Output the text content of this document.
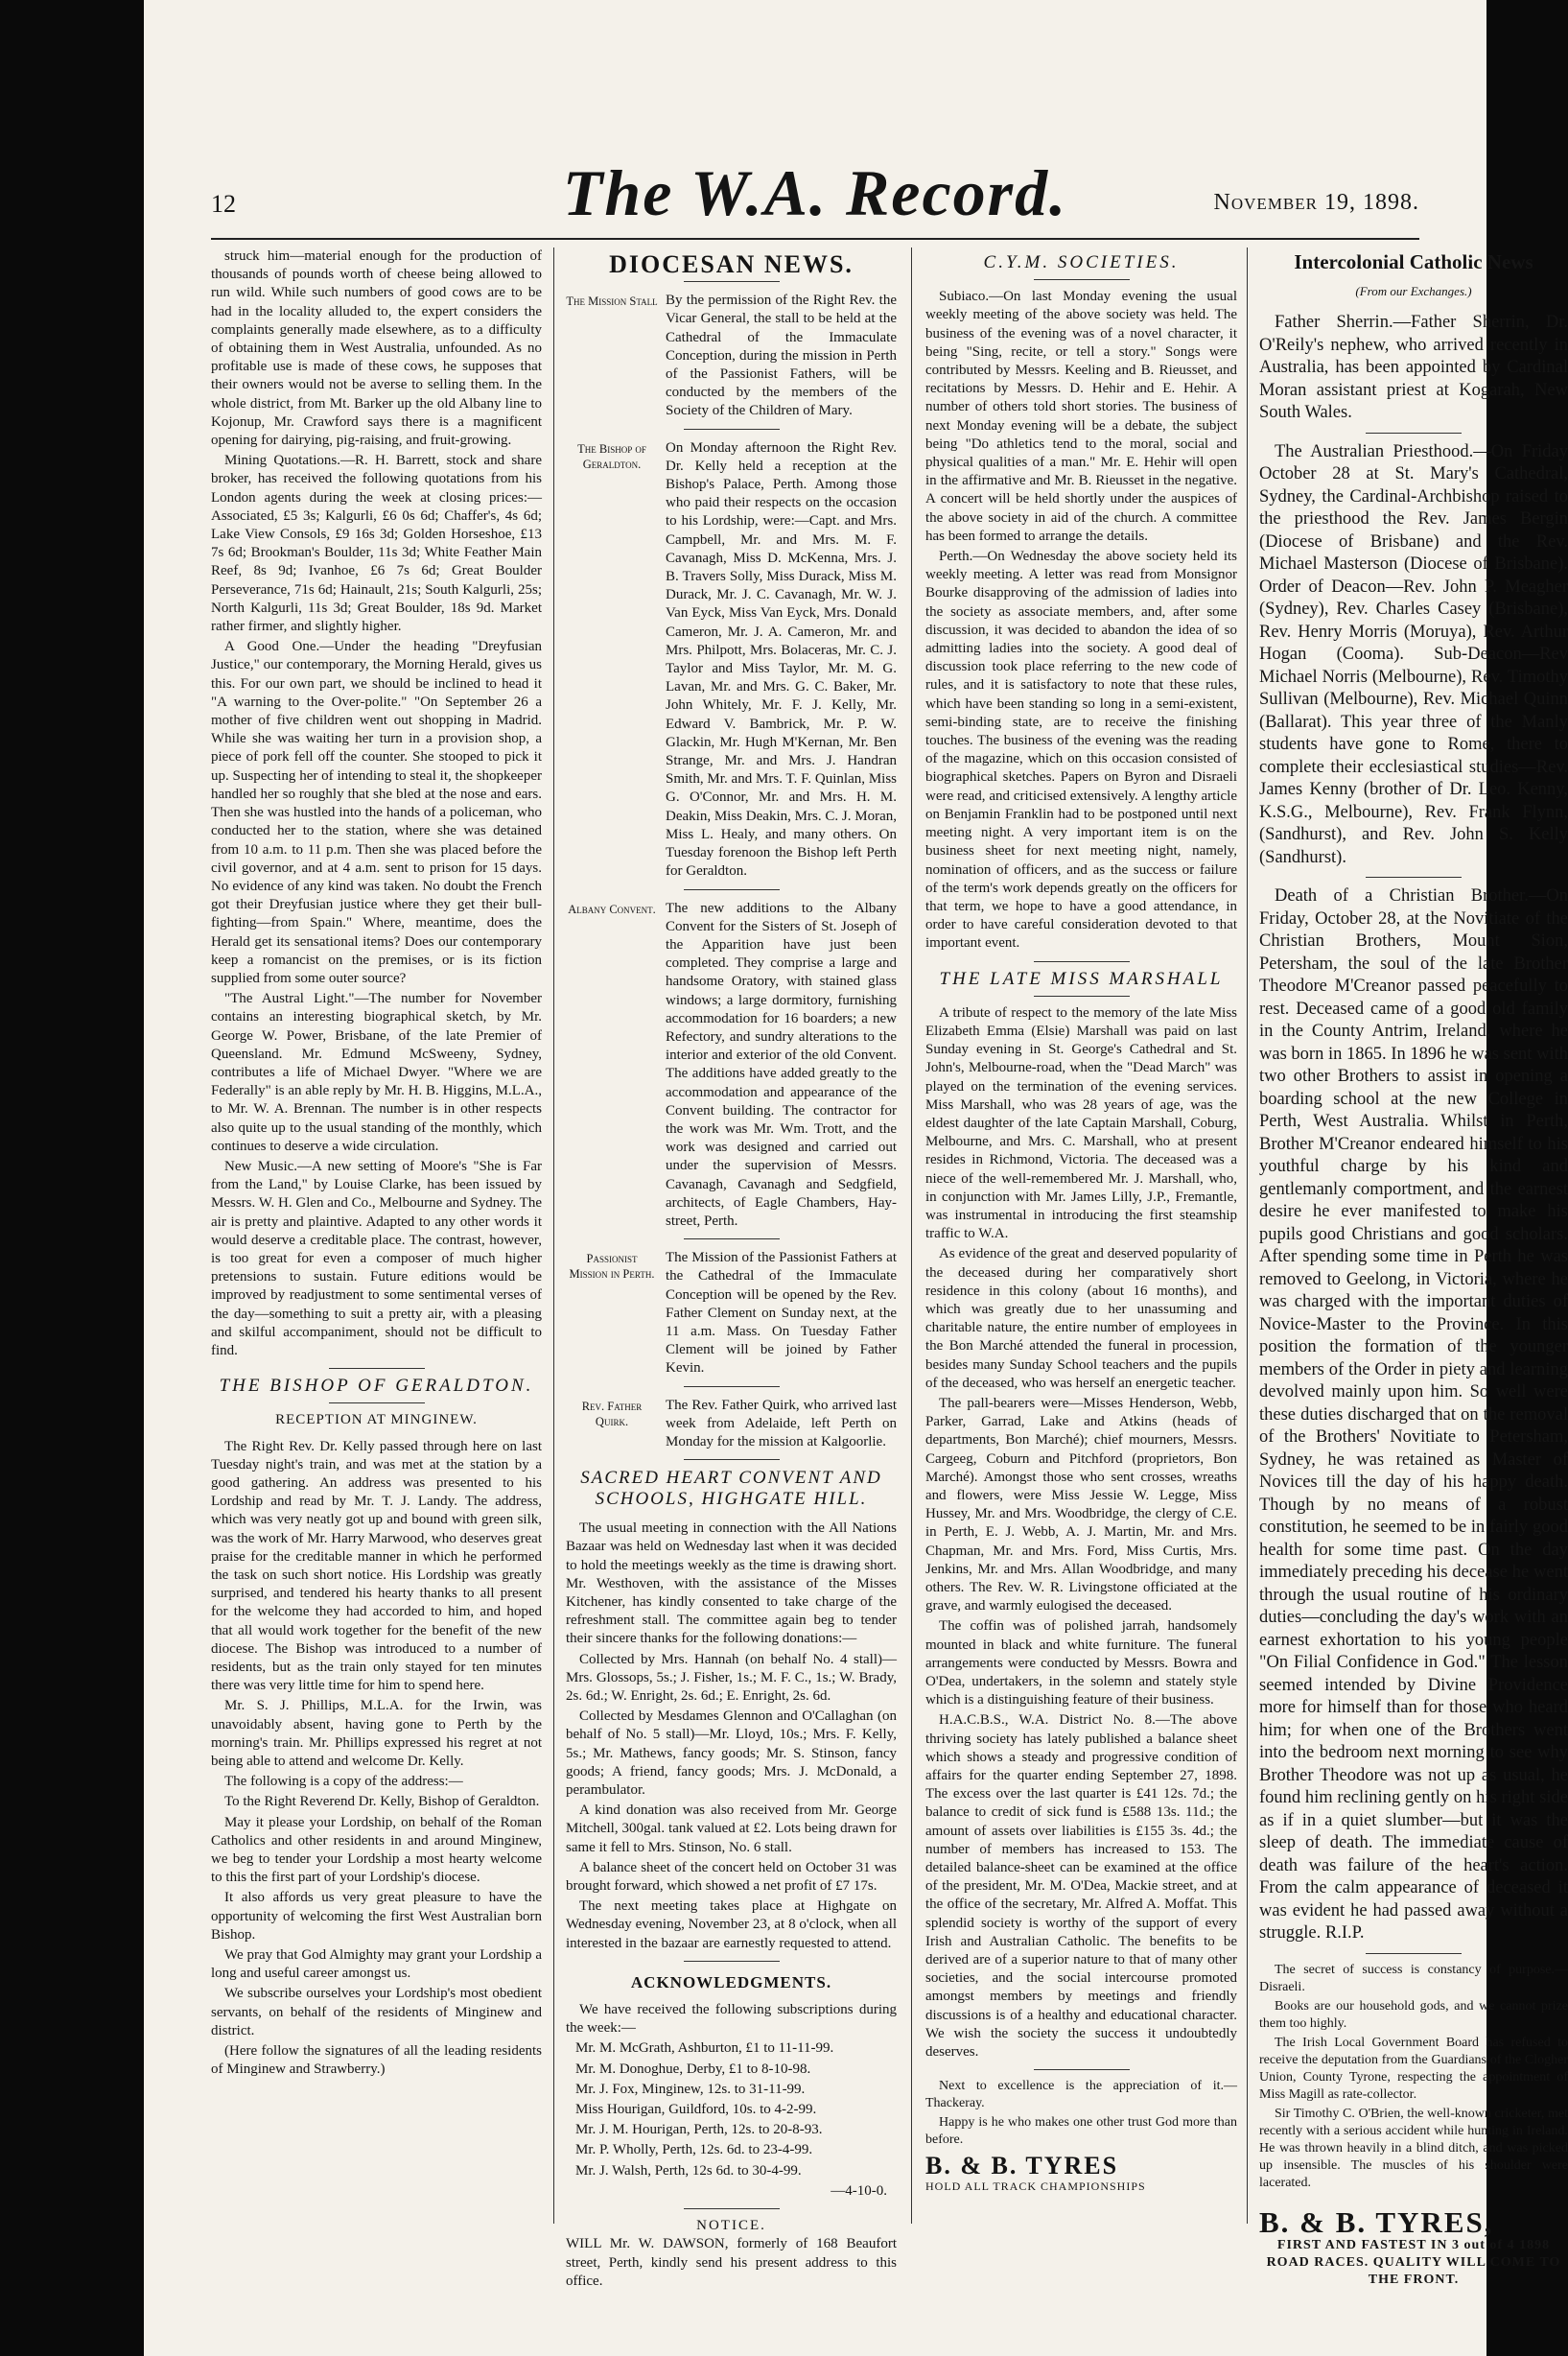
12	The W.A. Record.	November 19, 1898.

struck him—material enough for the production of thousands of pounds worth of cheese being allowed to run wild. While such numbers of good cows are to be had in the locality alluded to, the expert considers the complaints generally made elsewhere, as to a difficulty of obtaining them in West Australia, unfounded. As no profitable use is made of these cows, he supposes that their owners would not be averse to selling them. In the whole district, from Mt. Barker up the old Albany line to Kojonup, Mr. Crawford says there is a magnificent opening for dairying, pig-raising, and fruit-growing.

Mining Quotations.—R. H. Barrett, stock and share broker, has received the following quotations from his London agents during the week at closing prices:—Associated, £5 3s; Kalgurli, £6 0s 6d; Chaffer's, 4s 6d; Lake View Consols, £9 16s 3d; Golden Horseshoe, £13 7s 6d; Brookman's Boulder, 11s 3d; White Feather Main Reef, 8s 9d; Ivanhoe, £6 7s 6d; Great Boulder Perseverance, 71s 6d; Hainault, 21s; South Kalgurli, 25s; North Kalgurli, 11s 3d; Great Boulder, 18s 9d. Market rather firmer, and slightly higher.

A Good One.—Under the heading "Dreyfusian Justice," our contemporary, the Morning Herald, gives us this. For our own part, we should be inclined to head it "A warning to the Over-polite." "On September 26 a mother of five children went out shopping in Madrid. While she was waiting her turn in a provision shop, a piece of pork fell off the counter. She stooped to pick it up. Suspecting her of intending to steal it, the shopkeeper handled her so roughly that she bled at the nose and ears. Then she was hustled into the hands of a policeman, who conducted her to the station, where she was detained from 10 a.m. to 11 p.m. Then she was placed before the civil governor, and at 4 a.m. sent to prison for 15 days. No evidence of any kind was taken. No doubt the French got their Dreyfusian justice where they get their bull-fighting—from Spain." Where, meantime, does the Herald get its sensational items? Does our contemporary keep a romancist on the premises, or is its fiction supplied from some outer source?

"The Austral Light."—The number for November contains an interesting biographical sketch, by Mr. George W. Power, Brisbane, of the late Premier of Queensland. Mr. Edmund McSweeny, Sydney, contributes a life of Michael Dwyer. "Where we are Federally" is an able reply by Mr. H. B. Higgins, M.L.A., to Mr. W. A. Brennan. The number is in other respects also quite up to the usual standing of the monthly, which continues to deserve a wide circulation.

New Music.—A new setting of Moore's "She is Far from the Land," by Louise Clarke, has been issued by Messrs. W. H. Glen and Co., Melbourne and Sydney. The air is pretty and plaintive. Adapted to any other words it would deserve a creditable place. The contrast, however, is too great for even a composer of much higher pretensions to sustain. Future editions would be improved by readjustment to some sentimental verses of the day—something to suit a pretty air, with a pleasing and skilful accompaniment, should not be difficult to find.

THE BISHOP OF GERALDTON.
RECEPTION AT MINGINEW.

The Right Rev. Dr. Kelly passed through here on last Tuesday night's train, and was met at the station by a good gathering. An address was presented to his Lordship and read by Mr. T. J. Landy. The address, which was very neatly got up and bound with green silk, was the work of Mr. Harry Marwood, who deserves great praise for the creditable manner in which he performed the task on such short notice. His Lordship was greatly surprised, and tendered his hearty thanks to all present for the welcome they had accorded to him, and hoped that all would work together for the benefit of the new diocese. The Bishop was introduced to a number of residents, but as the train only stayed for ten minutes there was very little time for him to spend here.

Mr. S. J. Phillips, M.L.A. for the Irwin, was unavoidably absent, having gone to Perth by the morning's train. Mr. Phillips expressed his regret at not being able to attend and welcome Dr. Kelly.

The following is a copy of the address:—

To the Right Reverend Dr. Kelly, Bishop of Geraldton.

May it please your Lordship, on behalf of the Roman Catholics and other residents in and around Minginew, we beg to tender your Lordship a most hearty welcome to this the first part of your Lordship's diocese.

It also affords us very great pleasure to have the opportunity of welcoming the first West Australian born Bishop.

We pray that God Almighty may grant your Lordship a long and useful career amongst us.

We subscribe ourselves your Lordship's most obedient servants, on behalf of the residents of Minginew and district.

(Here follow the signatures of all the leading residents of Minginew and Strawberry.)

DIOCESAN NEWS.
The Mission Stall By the permission of the Right Rev. the Vicar General, the stall to be held at the Cathedral of the Immaculate Conception, during the mission in Perth of the Passionist Fathers, will be conducted by the members of the Society of the Children of Mary.
The Bishop of Geraldton.
On Monday afternoon the Right Rev. Dr. Kelly held a reception at the Bishop's Palace, Perth. Among those who paid their respects on the occasion to his Lordship, were:—Capt. and Mrs. Campbell, Mr. and Mrs. M. F. Cavanagh, Miss D. McKenna, Mrs. J. B. Travers Solly, Miss Durack, Miss M. Durack, Mr. J. C. Cavanagh, Mr. W. J. Van Eyck, Miss Van Eyck, Mrs. Donald Cameron, Mr. J. A. Cameron, Mr. and Mrs. Philpott, Mrs. Bolaceras, Mr. C. J. Taylor and Miss Taylor, Mr. M. G. Lavan, Mr. and Mrs. G. C. Baker, Mr. John Whitely, Mr. F. J. Kelly, Mr. Edward V. Bambrick, Mr. P. W. Glackin, Mr. Hugh M'Kernan, Mr. Ben Strange, Mr. and Mrs. J. Handran Smith, Mr. and Mrs. T. F. Quinlan, Miss G. O'Connor, Mr. and Mrs. H. M. Deakin, Miss Deakin, Mrs. C. J. Moran, Miss L. Healy, and many others. On Tuesday forenoon the Bishop left Perth for Geraldton.
Albany Convent. The new additions to the Albany Convent for the Sisters of St. Joseph of the Apparition have just been completed. They comprise a large and handsome Oratory, with stained glass windows; a large dormitory, furnishing accommodation for 16 boarders; a new Refectory, and sundry alterations to the interior and exterior of the old Convent. The additions have added greatly to the accommodation and appearance of the Convent building. The contractor for the work was Mr. Wm. Trott, and the work was designed and carried out under the supervision of Messrs. Cavanagh, Cavanagh and Sedgfield, architects, of Eagle Chambers, Hay-street, Perth.
Passionist Mission in Perth.
The Mission of the Passionist Fathers at the Cathedral of the Immaculate Conception will be opened by the Rev. Father Clement on Sunday next, at the 11 a.m. Mass. On Tuesday Father Clement will be joined by Father Kevin.
Rev. Father Quirk.
The Rev. Father Quirk, who arrived last week from Adelaide, left Perth on Monday for the mission at Kalgoorlie.
SACRED HEART CONVENT AND SCHOOLS, HIGHGATE HILL.

The usual meeting in connection with the All Nations Bazaar was held on Wednesday last when it was decided to hold the meetings weekly as the time is drawing short. Mr. Westhoven, with the assistance of the Misses Kitchener, has kindly consented to take charge of the refreshment stall. The committee again beg to tender their sincere thanks for the following donations:—

Collected by Mrs. Hannah (on behalf No. 4 stall)—Mrs. Glossops, 5s.; J. Fisher, 1s.; M. F. C., 1s.; W. Brady, 2s. 6d.; W. Enright, 2s. 6d.; E. Enright, 2s. 6d.

Collected by Mesdames Glennon and O'Callaghan (on behalf of No. 5 stall)—Mr. Lloyd, 10s.; Mrs. F. Kelly, 5s.; Mr. Mathews, fancy goods; Mr. S. Stinson, fancy goods; A friend, fancy goods; Mrs. J. McDonald, a perambulator.

A kind donation was also received from Mr. George Mitchell, 300gal. tank valued at £2. Lots being drawn for same it fell to Mrs. Stinson, No. 6 stall.

A balance sheet of the concert held on October 31 was brought forward, which showed a net profit of £7 17s.

The next meeting takes place at Highgate on Wednesday evening, November 23, at 8 o'clock, when all interested in the bazaar are earnestly requested to attend.

ACKNOWLEDGMENTS.

We have received the following subscriptions during the week:—

Mr. M. McGrath, Ashburton, £1 to 11-11-99.

Mr. M. Donoghue, Derby, £1 to 8-10-98.

Mr. J. Fox, Minginew, 12s. to 31-11-99.

Miss Hourigan, Guildford, 10s. to 4-2-99.

Mr. J. M. Hourigan, Perth, 12s. to 20-8-93.

Mr. P. Wholly, Perth, 12s. 6d. to 23-4-99.

Mr. J. Walsh, Perth, 12s 6d. to 30-4-99.

—4-10-0.
NOTICE.

WILL Mr. W. DAWSON, formerly of 168 Beaufort street, Perth, kindly send his present address to this office.

C.Y.M. SOCIETIES.

Subiaco.—On last Monday evening the usual weekly meeting of the above society was held. The business of the evening was of a novel character, it being "Sing, recite, or tell a story." Songs were contributed by Messrs. Keeling and B. Rieusset, and recitations by Messrs. D. Hehir and E. Hehir. A number of others told short stories. The business of next Monday evening will be a debate, the subject being "Do athletics tend to the moral, social and physical qualities of a man." Mr. E. Hehir will open in the affirmative and Mr. B. Rieusset in the negative. A concert will be held shortly under the auspices of the above society in aid of the church. A committee has been formed to arrange the details.

Perth.—On Wednesday the above society held its weekly meeting. A letter was read from Monsignor Bourke disapproving of the admission of ladies into the society as associate members, and, after some discussion, it was decided to abandon the idea of so admitting ladies into the society. A good deal of discussion took place referring to the new code of rules, and it is satisfactory to note that these rules, which have been standing so long in a semi-existent, semi-binding state, are to receive the finishing touches. The business of the evening was the reading of the magazine, which on this occasion consisted of biographical sketches. Papers on Byron and Disraeli were read, and criticised extensively. A lengthy article on Benjamin Franklin had to be postponed until next meeting night. A very important item is on the business sheet for next meeting night, namely, nomination of officers, and as the success or failure of the term's work depends greatly on the officers for that term, we hope to have a good attendance, in order to have careful consideration devoted to that important event.

THE LATE MISS MARSHALL

A tribute of respect to the memory of the late Miss Elizabeth Emma (Elsie) Marshall was paid on last Sunday evening in St. George's Cathedral and St. John's, Melbourne-road, when the "Dead March" was played on the termination of the evening services. Miss Marshall, who was 28 years of age, was the eldest daughter of the late Captain Marshall, Coburg, Melbourne, and Mrs. C. Marshall, who at present resides in Richmond, Victoria. The deceased was a niece of the well-remembered Mr. J. Marshall, who, in conjunction with Mr. James Lilly, J.P., Fremantle, was instrumental in introducing the first steamship traffic to W.A.

As evidence of the great and deserved popularity of the deceased during her comparatively short residence in this colony (about 16 months), and which was greatly due to her unassuming and charitable nature, the entire number of employees in the Bon Marché attended the funeral in procession, besides many Sunday School teachers and the pupils of the deceased, who was herself an energetic teacher.

The pall-bearers were—Misses Henderson, Webb, Parker, Garrad, Lake and Atkins (heads of departments, Bon Marché); chief mourners, Messrs. Cargeeg, Coburn and Pitchford (proprietors, Bon Marché). Amongst those who sent crosses, wreaths and flowers, were Miss Jessie W. Legge, Miss Hussey, Mr. and Mrs. Woodbridge, the clergy of C.E. in Perth, E. J. Webb, A. J. Martin, Mr. and Mrs. Chapman, Mr. and Mrs. Ford, Miss Curtis, Mrs. Jenkins, Mr. and Mrs. Allan Woodbridge, and many others. The Rev. W. R. Livingstone officiated at the grave, and warmly eulogised the deceased.

The coffin was of polished jarrah, handsomely mounted in black and white furniture. The funeral arrangements were conducted by Messrs. Bowra and O'Dea, undertakers, in the solemn and stately style which is a distinguishing feature of their business.

H.A.C.B.S., W.A. District No. 8.—The above thriving society has lately published a balance sheet which shows a steady and progressive condition of affairs for the quarter ending September 27, 1898. The excess over the last quarter is £41 12s. 7d.; the balance to credit of sick fund is £588 13s. 11d.; the amount of assets over liabilities is £155 3s. 4d.; the number of members has increased to 153. The detailed balance-sheet can be examined at the office of the president, Mr. M. O'Dea, Mackie street, and at the office of the secretary, Mr. Alfred A. Moffat. This splendid society is worthy of the support of every Irish and Australian Catholic. The benefits to be derived are of a superior nature to that of many other societies, and the social intercourse promoted amongst members by meetings and friendly discussions is of a healthy and educational character. We wish the society the success it undoubtedly deserves.

Next to excellence is the appreciation of it.—Thackeray.

Happy is he who makes one other trust God more than before.

B. & B. TYRES
HOLD ALL TRACK CHAMPIONSHIPS
Intercolonial Catholic News
(From our Exchanges.)

Father Sherrin.—Father Sherrin, Dr. O'Reily's nephew, who arrived recently in Australia, has been appointed by Cardinal Moran assistant priest at Kogarah, New South Wales.

The Australian Priesthood.—On Friday October 28 at St. Mary's Cathedral, Sydney, the Cardinal-Archbishop raised to the priesthood the Rev. James Bergin (Diocese of Brisbane) and the Rev. Michael Masterson (Diocese of Brisbane). Order of Deacon—Rev. John P. Meagher (Sydney), Rev. Charles Casey (Brisbane), Rev. Henry Morris (Moruya), Rev. Arthur Hogan (Cooma). Sub-Deacon—Rev Michael Norris (Melbourne), Rev. Timothy Sullivan (Melbourne), Rev. Michael Quinn (Ballarat). This year three of the Manly students have gone to Rome, there to complete their ecclesiastical studies—Rev. James Kenny (brother of Dr. Leo. Kenny, K.S.G., Melbourne), Rev. Frank Flynn, (Sandhurst), and Rev. John S. Kelly (Sandhurst).

Death of a Christian Brother.—On Friday, October 28, at the Novitiate of the Christian Brothers, Mount Sion, Petersham, the soul of the late Brother Theodore M'Creanor passed peacefully to rest. Deceased came of a good old family in the County Antrim, Ireland, where he was born in 1865. In 1896 he was sent with two other Brothers to assist in opening a boarding school at the new College in Perth, West Australia. Whilst in Perth, Brother M'Creanor endeared himself to his youthful charge by his kind and gentlemanly comportment, and the earnest desire he ever manifested to make his pupils good Christians and good scholars. After spending some time in Perth he was removed to Geelong, in Victoria, where he was charged with the important duties of Novice-Master to the Province. In this position the formation of the younger members of the Order in piety and learning devolved mainly upon him. So well were these duties discharged that on the removal of the Brothers' Novitiate to Petersham, Sydney, he was retained as Master of Novices till the day of his happy death. Though by no means of a robust constitution, he seemed to be in fairly good health for some time past. On the day immediately preceding his decease he went through the usual routine of his ordinary duties—concluding the day's work with an earnest exhortation to his young people "On Filial Confidence in God." The lesson seemed intended by Divine Providence more for himself than for those who heard him; for when one of the Brothers went into the bedroom next morning to see why Brother Theodore was not up as usual, he found him reclining gently on his right side as if in a quiet slumber—but it was the sleep of death. The immediate cause of death was failure of the heart's action. From the calm appearance of deceased it was evident he had passed away without a struggle. R.I.P.

The secret of success is constancy of purpose.—Disraeli.

Books are our household gods, and we cannot prize them too highly.

The Irish Local Government Board has refused to receive the deputation from the Guardians of the Clogher Union, County Tyrone, respecting the appointment of Miss Magill as rate-collector.

Sir Timothy C. O'Brien, the well-known cricketer, met recently with a serious accident while hunting in Ireland. He was thrown heavily in a blind ditch, and was picked up insensible. The muscles of his shoulder were lacerated.

B. & B. TYRES,
FIRST AND FASTEST IN 3 out of 4 1898 ROAD RACES. QUALITY WILL COME TO THE FRONT.
